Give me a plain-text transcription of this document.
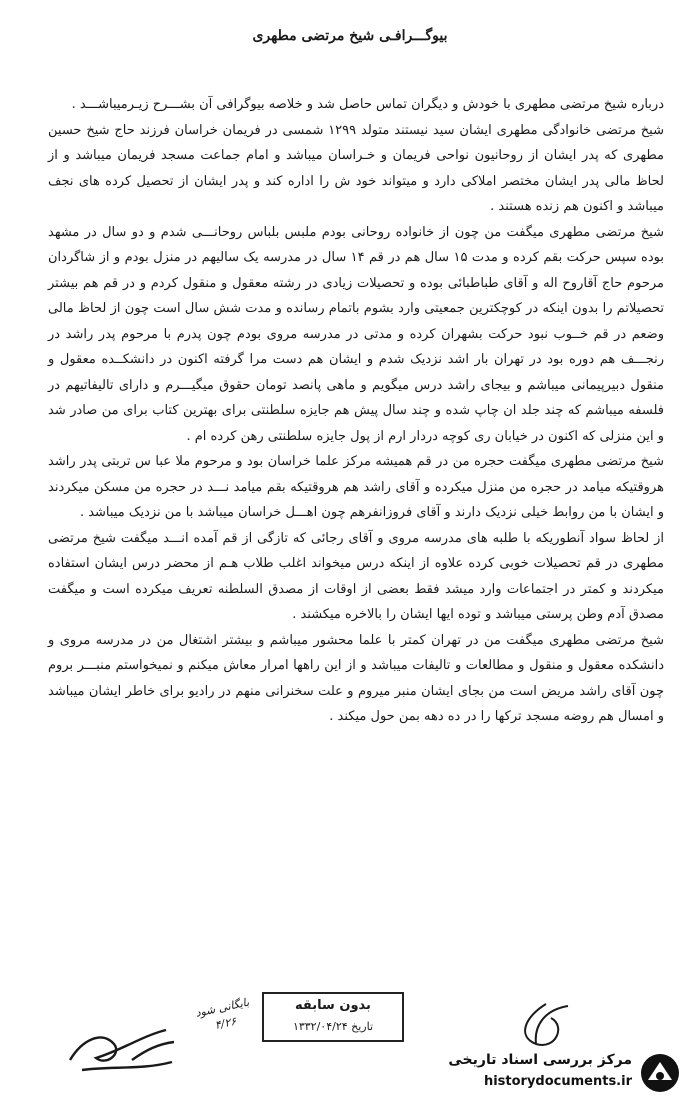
بیوگـــرافـی شیخ مرتضی مطهری

درباره شیخ مرتضی مطهری با خودش و دیگران تماس حاصل شد و خلاصه بیوگرافی آن بشـــرح زیـرمیباشـــد .

شیخ مرتضی خانوادگی مطهری ایشان سید نیستند متولد ۱۲۹۹ شمسی در فریمان خراسان فرزند حاج شیخ حسین مطهری که پدر ایشان از روحانیون نواحی فریمان و خـراسان میباشد و امام جماعت مسجد فریمان میباشد و از لحاظ مالی پدر ایشان مختصر املاکی دارد و میتواند خود ش را اداره کند و پدر ایشان از تحصیل کرده های نجف میباشد و اکنون هم زنده هستند .

شیخ مرتضی مطهری میگفت من چون از خانواده روحانی بودم ملبس بلباس روحانـــی شدم و دو سال در مشهد بوده سپس حرکت بقم کرده و مدت ۱۵ سال هم در قم ۱۴ سال در مدرسه یک سالیهم در منزل بودم و از شاگردان مرحوم حاج آقاروح اله و آقای طباطبائی بوده و تحصیلات زیادی در رشته معقول و منقول کردم و در قم هم بیشتر تحصیلاتم را بدون اینکه در کوچکترین جمعیتی وارد بشوم باتمام رسانده و مدت شش سال است چون از لحاظ مالی وضعم در قم خــوب نبود حرکت بشهران کرده و مدتی در مدرسه مروی بودم چون پدرم با مرحوم پدر راشد در رنجـــف هم دوره بود در تهران بار اشد نزدیک شدم و ایشان هم دست مرا گرفته اکنون در دانشکــده معقول و منقول دبیرپیمانی میباشم و بیجای راشد درس میگویم و ماهی پانصد تومان حقوق میگیـــرم و دارای تالیفاتیهم در فلسفه میباشم که چند جلد ان چاپ شده و چند سال پیش هم جایزه سلطنتی برای بهترین کتاب برای من صادر شد و این منزلی که اکنون در خیابان ری کوچه دردار ارم از پول جایزه سلطنتی رهن کرده ام .

شیخ مرتضی مطهری میگفت حجره من در قم همیشه مرکز علما خراسان بود و مرحوم ملا عبا س تربتی پدر راشد هروقتیکه میامد در حجره من منزل میکرده و آقای راشد هم هروقتیکه بقم میامد نـــد در حجره من مسکن میکردند و ایشان با من روابط خیلی نزدیک دارند و آقای فروزانفرهم چون اهـــل خراسان میباشد با من نزدیک میباشد .

از لحاظ سواد آنطوریکه با طلبه های مدرسه مروی و آقای رجائی که تازگی از قم آمده انـــد میگفت شیخ مرتضی مطهری در قم تحصیلات خوبی کرده علاوه از اینکه درس میخواند اغلب طلاب هـم از محضر درس ایشان استفاده میکردند و کمتر در اجتماعات وارد میشد فقط بعضی از اوقات از مصدق السلطنه تعریف میکرده است و میگفت مصدق آدم وطن پرستی میباشد و توده ایها ایشان را بالاخره میکشند .

شیخ مرتضی مطهری میگفت من در تهران کمتر با علما محشور میباشم و بیشتر اشتغال من در مدرسه مروی و دانشکده معقول و منقول و مطالعات و تالیفات میباشد و از این راهها امرار معاش میکنم و نمیخواستم منبـــر بروم چون آقای راشد مریض است من بجای ایشان منبر میروم و علت سخنرانی منهم در رادیو برای خاطر ایشان میباشد و امسال هم روضه مسجد ترکها را در ده دهه بمن حول میکند .

بدون سابقه
تاریخ ۱۳۳۲/۰۴/۲۴
بایگانی شود
۴/۲۶
مرکز بررسی اسناد تاریخی
historydocuments.ir
